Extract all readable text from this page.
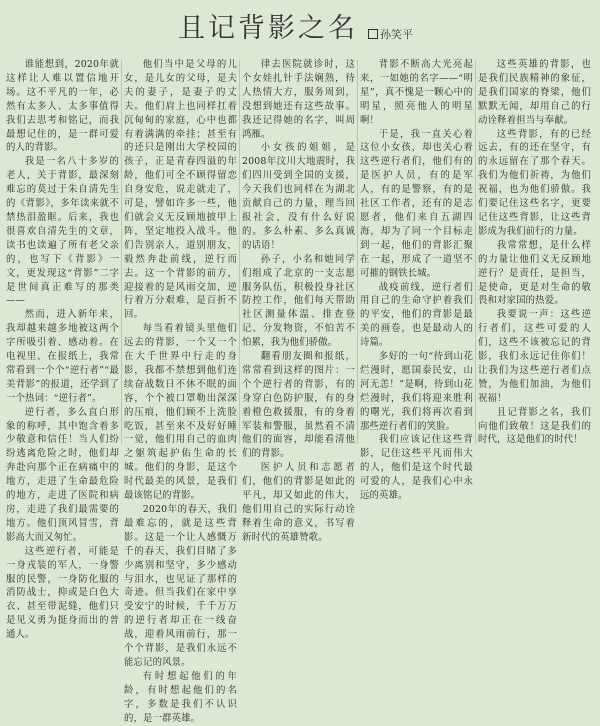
且记背影之名	孙笑平

谁能想到，2020年就这样让人难以置信地开场。这不平凡的一年，必然有太多人、太多事值得我们去思考和铭记，而我最想记住的，是一群可爱的人的背影。

我是一名八十多岁的老人，关于背影，最深刻难忘的莫过于朱自清先生的《背影》，多年读来就不禁热泪盈眶。后来，我也很喜欢自清先生的文章，读书也读遍了所有老父亲的，也写下《背影》一文，更发现这“背影”二字是世间真正难写的那类——

然而，进入新年来，我却越来越多地被这两个字所吸引着、感动着。在电视里、在报纸上，我常常看到一个个“逆行者”“最美背影”的报道，还学到了一个热词：“逆行者”。

逆行者，多么直白形象的称呼，其中饱含着多少敬意和信任！当人们纷纷逃离危险之时，他们却奔赴向那个正在病痛中的地方，走进了生命最危险的地方，走进了医院和病房，走进了我们最需要的地方。他们顶风冒雪，背影高大而又匆忙。

这些逆行者，可能是一身戎装的军人，一身警服的民警，一身防化服的消防战士，抑或是白色大衣、甚至带泥缝，他们只是见义勇为挺身而出的普通人。

他们当中是父母的儿女，是儿女的父母，是夫夫的妻子，是妻子的丈夫。他们肩上也同样扛着沉甸甸的家庭，心中也都有着满满的牵挂；甚至有的还只是刚出大学校园的孩子，正是青春四溢的年龄，他们可全不顾得留恋自身安危，说走就走了，可是，譬如许多一些，他们就会义无反顾地披甲上阵，坚定地投入战斗。他们告别亲人，道别朋友，毅然奔赴前线，逆行而去。这一个背影的前方，迎接着的是风雨交加，逆行着万分艰难，是百折不回。

每当看着镜头里他们远去的背影，一个又一个在大千世界中行走的身影，我都不禁想到他们连续奋战数日不休不眠的面容，个个被口罩勒出深深的压痕，他们顾不上洗脸吃饭，甚至来不及好好睡一觉，他们用自己的血肉之躯筑起护佑生命的长城。他们的身影，是这个时代最美的风景，是我们最该铭记的背影。

2020年的春天，我们最难忘的，就是这些背影。这是一个让人感慨万千的春天，我们目睹了多少离别和坚守，多少感动与泪水，也见证了那样的奇迹。但当我们在家中享受安宁的时候，千千万万的逆行者却正在一线奋战，迎着风雨前行，那一个个背影，是我们永远不能忘记的风景。

有时想起他们的年龄，有时想起他们的名字，多数是我们不认识的，是一群英雄。

律去医院就诊时，这个女娃扎针手法娴熟，待人热情大方，服务周到，没想到她还有这些故事。我还记得她的名字，叫周鸿雁。

小女孩的姐姐，是2008年汶川大地震时，我们四川受到全国的支援，今天我们也同样在为湖北贡献自己的力量，理当回报社会，没有什么好说的。多么朴素、多么真诚的话语！

孙子，小名和她同学们组成了北京的一支志愿服务队伍，积极投身社区防控工作，他们每天帮助社区测量体温、排查登记、分发物资，不怕苦不怕累，我为他们骄傲。

翻看朋友圈和报纸，常常看到这样的图片：一个个逆行者的背影，有的身穿白色防护服，有的身着橙色救援服，有的身着军装和警服，虽然看不清他们的面容，却能看清他们的背影。

医护人员和志愿者们，他们的背影是如此的平凡，却又如此的伟大，他们用自己的实际行动诠释着生命的意义，书写着新时代的英雄赞歌。

背影不断高大光亮起来，一如她的名字——“明星”，真不愧是一颗心中的明星，照亮他人的明星啊！

于是，我一直关心着这位小女孩，却也关心着这些逆行者们，他们有的是医护人员，有的是军人，有的是警察，有的是社区工作者，还有的是志愿者，他们来自五湖四海，却为了同一个目标走到一起，他们的背影汇聚在一起，形成了一道坚不可摧的钢铁长城。

战疫前线，逆行者们用自己的生命守护着我们的平安，他们的背影是最美的画卷，也是最动人的诗篇。

多好的一句“待到山花烂漫时，愿国泰民安，山河无恙！”是啊，待到山花烂漫时，我们将迎来胜利的曙光，我们将再次看到那些逆行者们的笑脸。

我们应该记住这些背影，记住这些平凡而伟大的人，他们是这个时代最可爱的人，是我们心中永远的英雄。

这些英雄的背影，也是我们民族精神的象征，是我们国家的脊梁，他们默默无闻，却用自己的行动诠释着担当与奉献。

这些背影，有的已经远去，有的还在坚守，有的永远留在了那个春天。我们为他们祈祷，为他们祝福，也为他们骄傲。我们要记住这些名字，更要记住这些背影，让这些背影成为我们前行的力量。

我常常想，是什么样的力量让他们义无反顾地逆行？是责任，是担当，是使命，更是对生命的敬畏和对家国的热爱。

我要说一声：这些逆行者们，这些可爱的人们，这些不该被忘记的背影，我们永远记住你们！让我们为这些逆行者们点赞，为他们加油，为他们祝福！

且记背影之名，我们向他们致敬！这是我们的时代，这是他们的时代！
